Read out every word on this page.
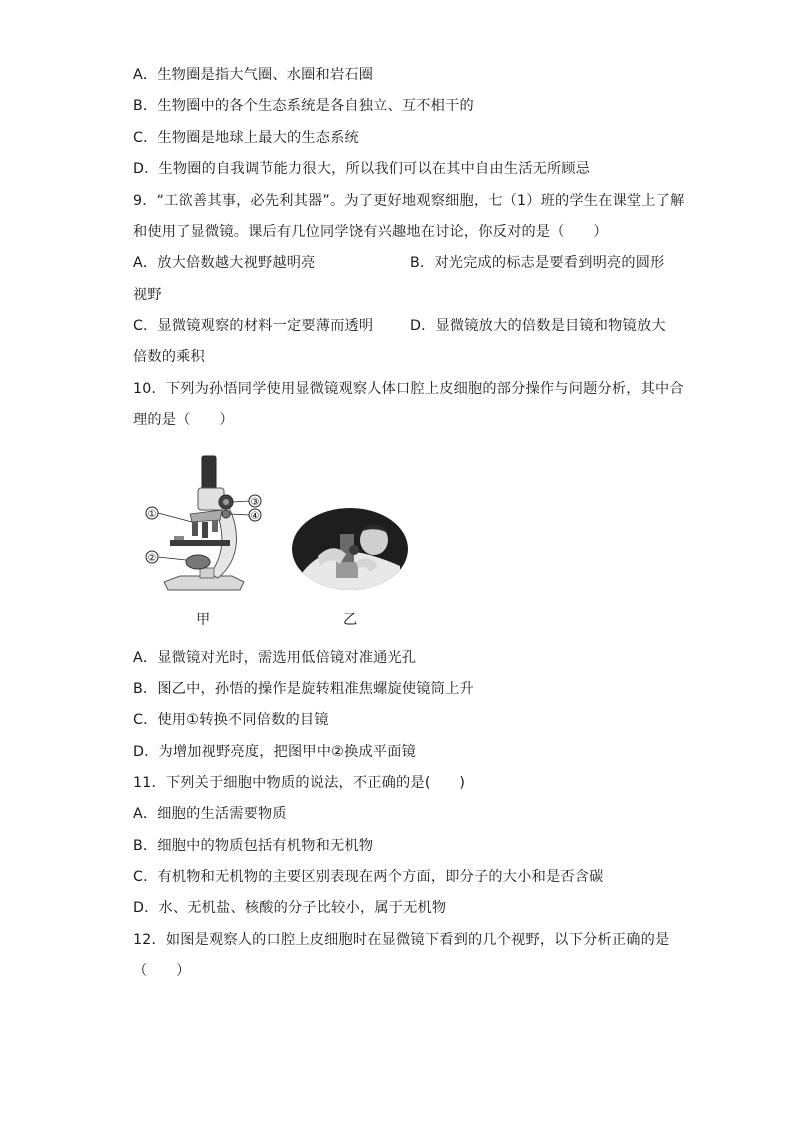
A．生物圈是指大气圈、水圈和岩石圈
B．生物圈中的各个生态系统是各自独立、互不相干的
C．生物圈是地球上最大的生态系统
D．生物圈的自我调节能力很大，所以我们可以在其中自由生活无所顾忌
9．“工欲善其事，必先利其器”。为了更好地观察细胞，七（1）班的学生在课堂上了解
和使用了显微镜。课后有几位同学饶有兴趣地在讨论，你反对的是（　　）
A．放大倍数越大视野越明亮	B．对光完成的标志是要看到明亮的圆形
视野
C．显微镜观察的材料一定要薄而透明	D．显微镜放大的倍数是目镜和物镜放大
倍数的乘积
10．下列为孙悟同学使用显微镜观察人体口腔上皮细胞的部分操作与问题分析，其中合
理的是（　　）
①
②
③
④
甲	乙
A．显微镜对光时，需选用低倍镜对准通光孔
B．图乙中，孙悟的操作是旋转粗准焦螺旋使镜筒上升
C．使用①转换不同倍数的目镜
D．为增加视野亮度，把图甲中②换成平面镜
11．下列关于细胞中物质的说法，不正确的是(　　)
A．细胞的生活需要物质
B．细胞中的物质包括有机物和无机物
C．有机物和无机物的主要区别表现在两个方面，即分子的大小和是否含碳
D．水、无机盐、核酸的分子比较小，属于无机物
12．如图是观察人的口腔上皮细胞时在显微镜下看到的几个视野，以下分析正确的是
（　　）
